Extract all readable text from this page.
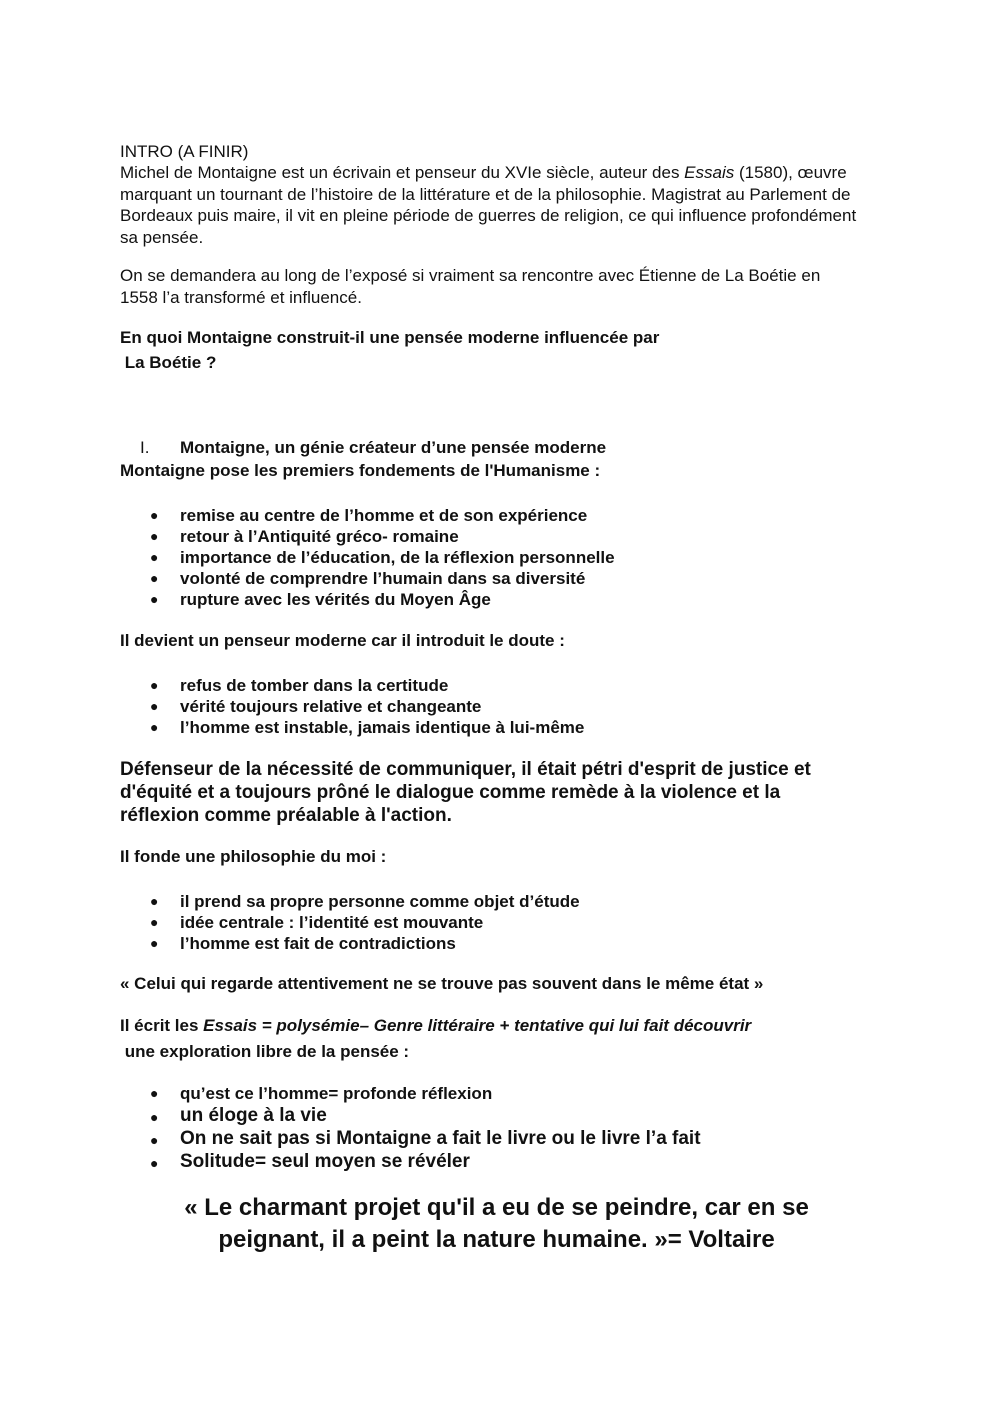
INTRO (A FINIR)

Michel de Montaigne est un écrivain et penseur du XVIe siècle, auteur des Essais (1580), œuvre marquant un tournant de l’histoire de la littérature et de la philosophie. Magistrat au Parlement de Bordeaux puis maire, il vit en pleine période de guerres de religion, ce qui influence profondément sa pensée.

On se demandera au long de l’exposé si vraiment sa rencontre avec Étienne de La Boétie en 1558 l’a transformé et influencé.

En quoi Montaigne construit-il une pensée moderne influencée par
La Boétie ?
I. Montaigne, un génie créateur d’une pensée moderne
Montaigne pose les premiers fondements de l'Humanisme :
● remise au centre de l’homme et de son expérience
● retour à l’Antiquité gréco- romaine
● importance de l’éducation, de la réflexion personnelle
● volonté de comprendre l’humain dans sa diversité
● rupture avec les vérités du Moyen Âge
Il devient un penseur moderne car il introduit le doute :
● refus de tomber dans la certitude
● vérité toujours relative et changeante
● l’homme est instable, jamais identique à lui-même

Défenseur de la nécessité de communiquer, il était pétri d'esprit de justice et d'équité et a toujours prôné le dialogue comme remède à la violence et la réflexion comme préalable à l'action.

Il fonde une philosophie du moi :
● il prend sa propre personne comme objet d’étude
● idée centrale : l’identité est mouvante
● l’homme est fait de contradictions
« Celui qui regarde attentivement ne se trouve pas souvent dans le même état »
Il écrit les Essais = polysémie– Genre littéraire + tentative qui lui fait découvrir
une exploration libre de la pensée :
● qu’est ce l’homme= profonde réflexion
● un éloge à la vie
● On ne sait pas si Montaigne a fait le livre ou le livre l’a fait
● Solitude= seul moyen se révéler
« Le charmant projet qu'il a eu de se peindre, car en se
peignant, il a peint la nature humaine. »= Voltaire
